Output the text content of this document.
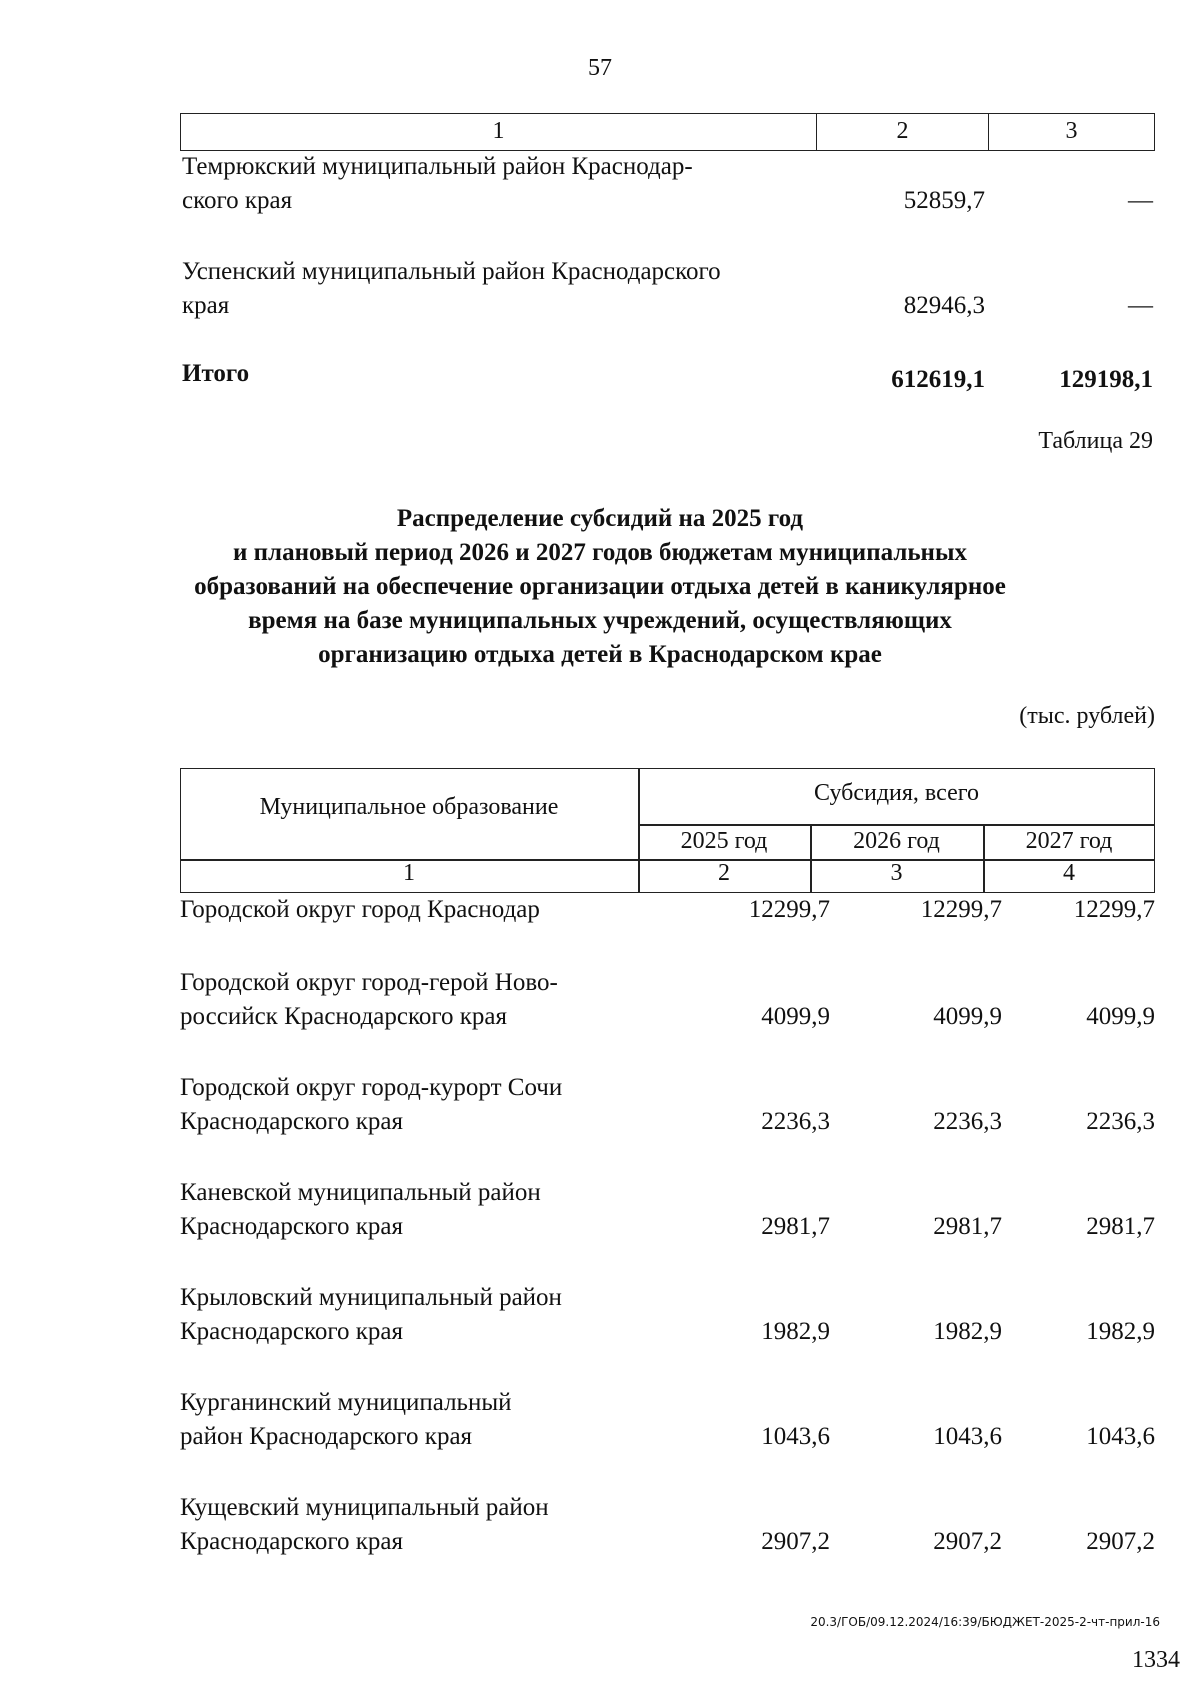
57
1	2	3
Темрюкский муниципальный район Краснодар-
ского края	52859,7	—
Успенский муниципальный район Краснодарского
края	82946,3	—
Итого	612619,1	129198,1
Таблица 29
Распределение субсидий на 2025 год
и плановый период 2026 и 2027 годов бюджетам муниципальных
образований на обеспечение организации отдыха детей в каникулярное
время на базе муниципальных учреждений, осуществляющих
организацию отдыха детей в Краснодарском крае
(тыс. рублей)
Муниципальное образование
Субсидия, всего
2025 год	2026 год	2027 год
1	2	3	4
Городской округ город Краснодар	12299,7	12299,7	12299,7
Городской округ город-герой Ново-
российск Краснодарского края	4099,9	4099,9	4099,9
Городской округ город-курорт Сочи
Краснодарского края	2236,3	2236,3	2236,3
Каневской муниципальный район
Краснодарского края	2981,7	2981,7	2981,7
Крыловский муниципальный район
Краснодарского края	1982,9	1982,9	1982,9
Курганинский муниципальный
район Краснодарского края	1043,6	1043,6	1043,6
Кущевский муниципальный район
Краснодарского края	2907,2	2907,2	2907,2
20.3/ГОБ/09.12.2024/16:39/БЮДЖЕТ-2025-2-чт-прил-16
1334
